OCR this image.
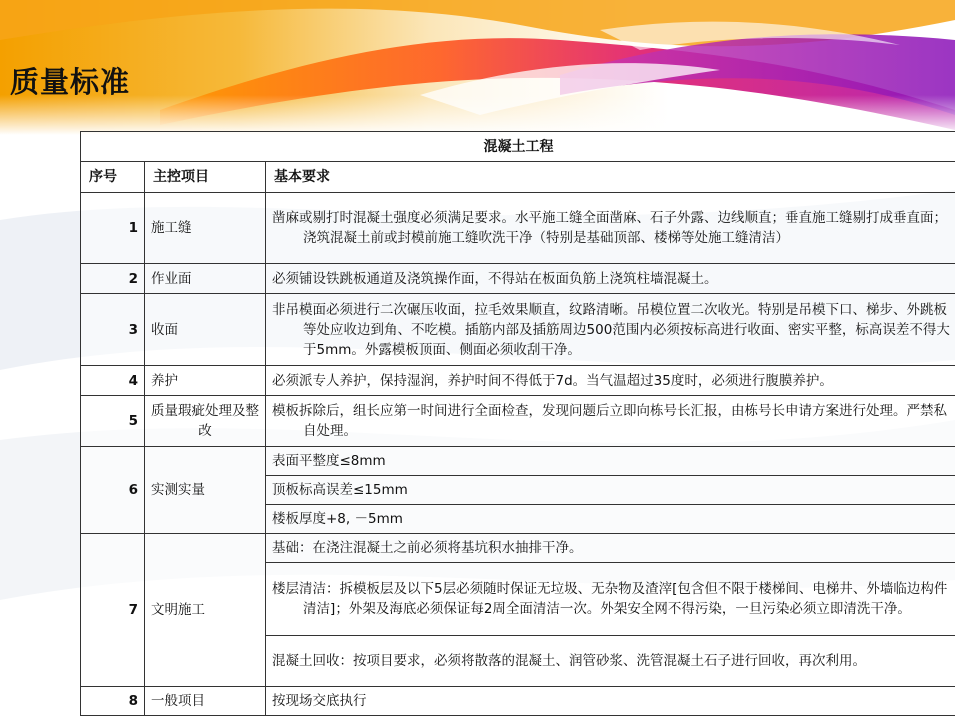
质量标准
混凝土工程		
序号	主控项目	基本要求
1	施工缝	凿麻或剔打时混凝土强度必须满足要求。水平施工缝全面凿麻、石子外露、边线顺直；垂直施工缝剔打成垂直面；浇筑混凝土前或封模前施工缝吹洗干净（特别是基础顶部、楼梯等处施工缝清洁）

2	作业面	必须铺设铁跳板通道及浇筑操作面，不得站在板面负筋上浇筑柱墙混凝土。

3	收面	非吊模面必须进行二次碾压收面，拉毛效果顺直，纹路清晰。吊模位置二次收光。特别是吊模下口、梯步、外跳板等处应收边到角、不吃模。插筋内部及插筋周边500范围内必须按标高进行收面、密实平整，标高误差不得大于5mm。外露模板顶面、侧面必须收刮干净。

4	养护	必须派专人养护，保持湿润，养护时间不得低于7d。当气温超过35度时，必须进行腹膜养护。

5	质量瑕疵处理及整改	模板拆除后，组长应第一时间进行全面检查，发现问题后立即向栋号长汇报，由栋号长申请方案进行处理。严禁私自处理。

6	实测实量	表面平整度≤8mm

		顶板标高误差≤15mm

		楼板厚度+8, －5mm

7	文明施工	基础：在浇注混凝土之前必须将基坑积水抽排干净。

		楼层清洁：拆模板层及以下5层必须随时保证无垃圾、无杂物及渣滓[包含但不限于楼梯间、电梯井、外墙临边构件清洁]；外架及海底必须保证每2周全面清洁一次。外架安全网不得污染，一旦污染必须立即清洗干净。

		混凝土回收：按项目要求，必须将散落的混凝土、润管砂浆、洗管混凝土石子进行回收，再次利用。

8	一般项目	按现场交底执行
